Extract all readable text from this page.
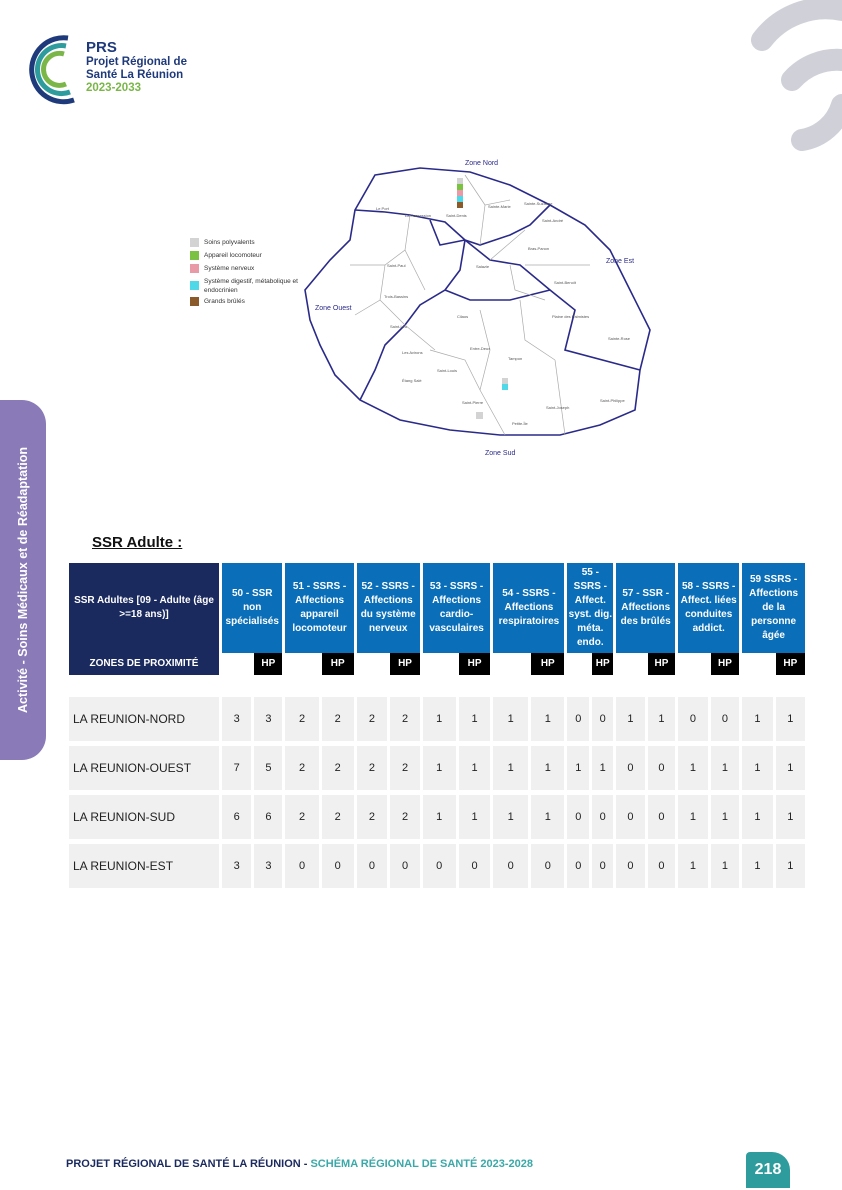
PRS
Projet Régional de
Santé La Réunion
2023-2033
Activité - Soins Médicaux et de Réadaptation
Zone Nord
Zone Est
Zone Ouest
Zone Sud
Le Port
La Possession	Saint-Denis
Sainte-Marie
Sainte-Suzanne
Saint-André
Bras-Panon
Salazie
Saint-Paul
Saint-Benoît
Trois-Bassins
Plaine des Palmistes
Saint-Leu
Cilaos
Sainte-Rose
Les Avirons
Entre-Deux
Tampon
Saint-Louis
Étang Salé
Saint-Pierre
Saint-Joseph
Saint-Philippe
Petite-Île
Soins polyvalents
Appareil locomoteur
Système nerveux
Système digestif, métabolique et endocrinien
Grands brûlés
SSR Adulte :
SSR Adultes [09 - Adulte (âge >=18 ans)]	50 - SSR non spécialisés		51 - SSRS - Affections appareil locomoteur		52 - SSRS - Affections du système nerveux		53 - SSRS - Affections cardio-vasculaires		54 - SSRS - Affections respiratoires		55 - SSRS - Affect. syst. dig. méta. endo.		57 - SSR - Affections des brûlés		58 - SSRS - Affect. liées conduites addict.		59 SSRS - Affections de la personne âgée	
ZONES DE PROXIMITÉ	HC	HP	HC	HP	HC	HP	HC	HP	HC	HP	HC	HP	HC	HP	HC	HP	HC	HP

LA REUNION-NORD	3	3	2	2	2	2	1	1	1	1	0	0	1	1	0	0	1	1
LA REUNION-OUEST	7	5	2	2	2	2	1	1	1	1	1	1	0	0	1	1	1	1
LA REUNION-SUD	6	6	2	2	2	2	1	1	1	1	0	0	0	0	1	1	1	1
LA REUNION-EST	3	3	0	0	0	0	0	0	0	0	0	0	0	0	1	1	1	1
PROJET RÉGIONAL DE SANTÉ LA RÉUNION - SCHÉMA RÉGIONAL DE SANTÉ 2023-2028	218
